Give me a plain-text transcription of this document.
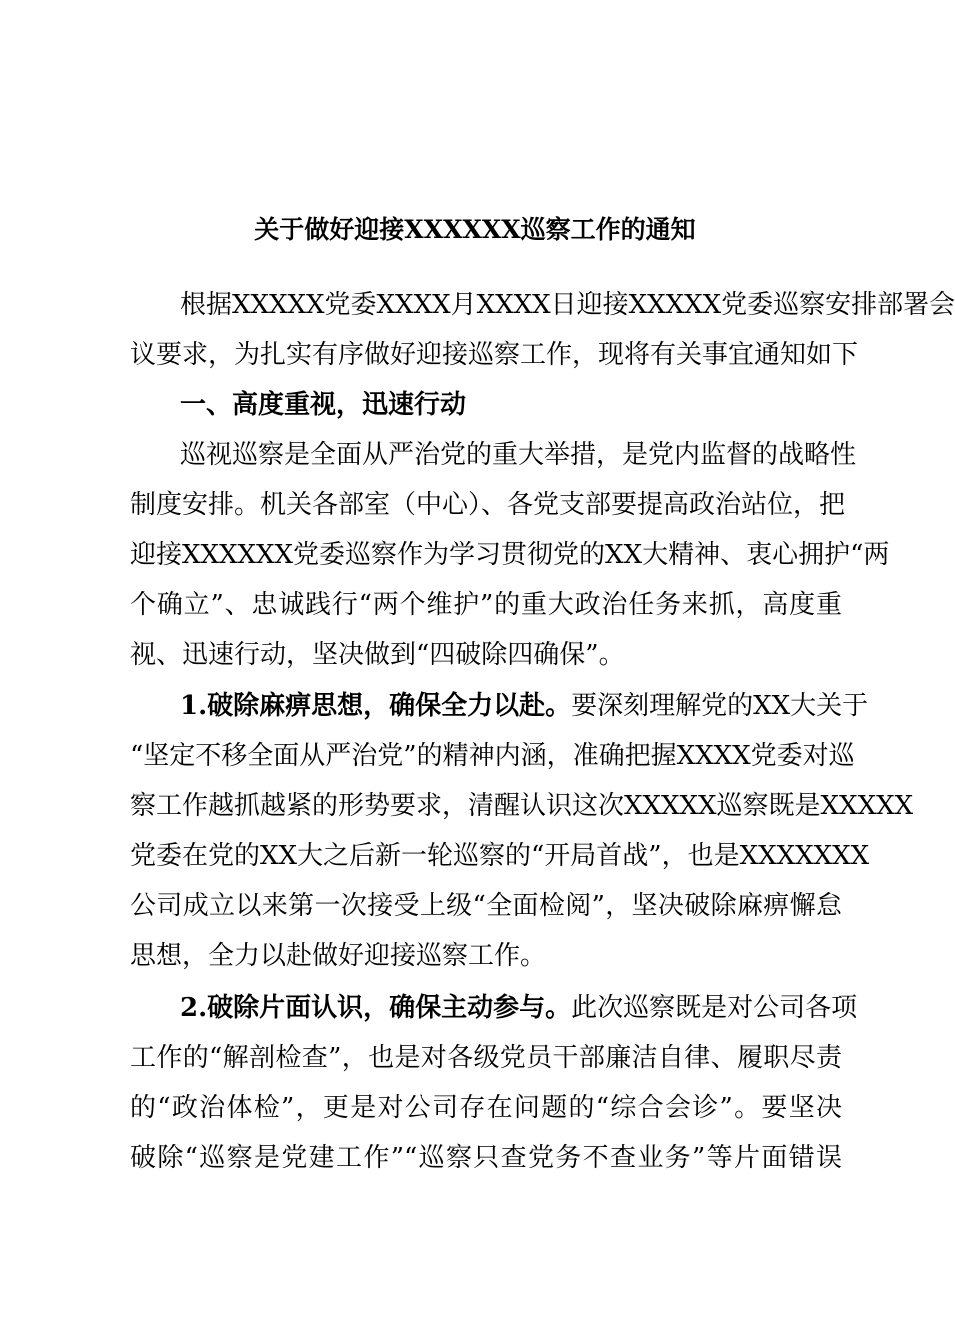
关于做好迎接XXXXXX巡察工作的通知
根据XXXXX党委XXXX月XXXX日迎接XXXXX党委巡察安排部署会
议要求，为扎实有序做好迎接巡察工作，现将有关事宜通知如下
一、高度重视，迅速行动
巡视巡察是全面从严治党的重大举措，是党内监督的战略性
制度安排。机关各部室（中心）、各党支部要提高政治站位，把
迎接XXXXXX党委巡察作为学习贯彻党的XX大精神、衷心拥护“两
个确立”、忠诚践行“两个维护”的重大政治任务来抓，高度重
视、迅速行动，坚决做到“四破除四确保”。
1.破除麻痹思想，确保全力以赴。要深刻理解党的XX大关于
“坚定不移全面从严治党”的精神内涵，准确把握XXXX党委对巡
察工作越抓越紧的形势要求，清醒认识这次XXXXX巡察既是XXXXX
党委在党的XX大之后新一轮巡察的“开局首战”，也是XXXXXXX
公司成立以来第一次接受上级“全面检阅”，坚决破除麻痹懈怠
思想，全力以赴做好迎接巡察工作。
2.破除片面认识，确保主动参与。此次巡察既是对公司各项
工作的“解剖检查”，也是对各级党员干部廉洁自律、履职尽责
的“政治体检”，更是对公司存在问题的“综合会诊”。要坚决
破除“巡察是党建工作”“巡察只查党务不查业务”等片面错误
